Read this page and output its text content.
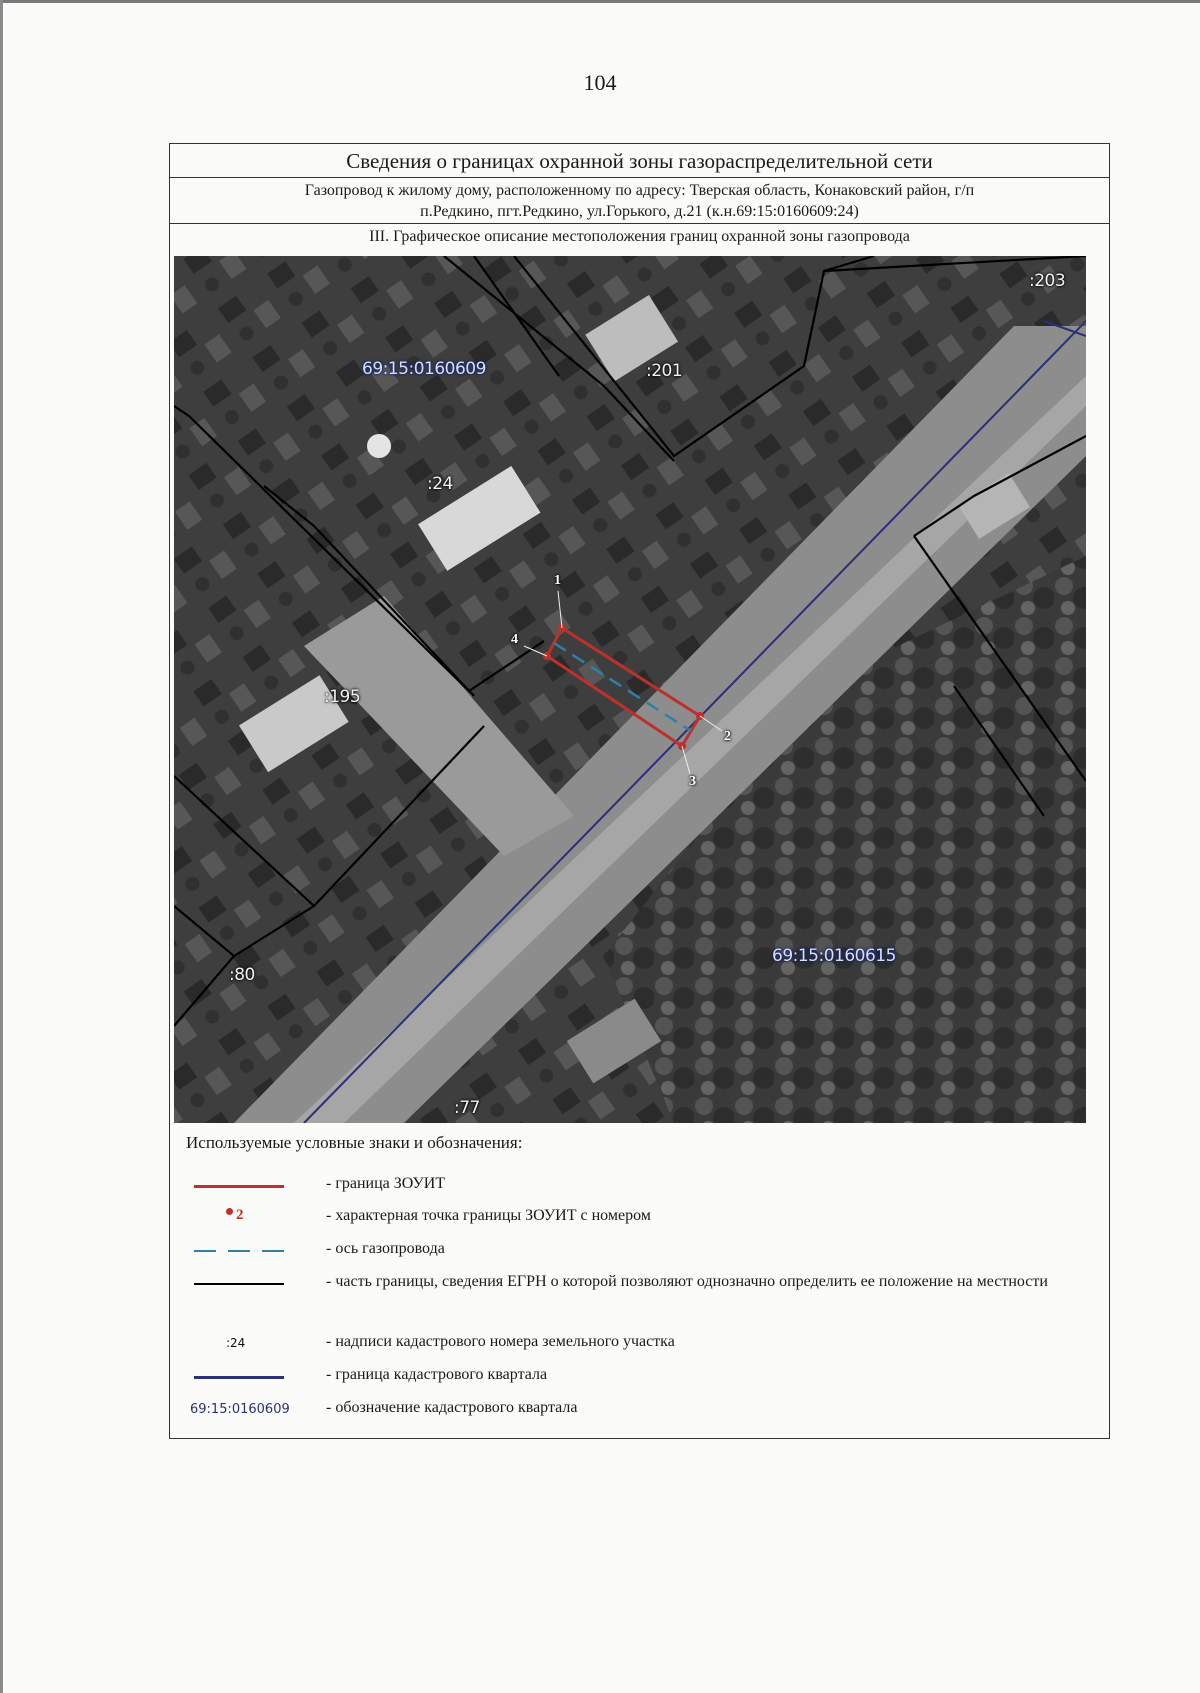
104
Сведения о границах охранной зоны газораспределительной сети
Газопровод к жилому дому, расположенному по адресу: Тверская область, Конаковский район, г/п
п.Редкино, пгт.Редкино, ул.Горького, д.21 (к.н.69:15:0160609:24)
III. Графическое описание местоположения границ охранной зоны газопровода
69:15:0160609
69:15:0160615
:201
:203
:24
:195
:80
:77
1
2
3
4
Используемые условные знаки и обозначения:
- граница ЗОУИТ
2	- характерная точка границы ЗОУИТ с номером
- ось газопровода
- часть границы, сведения ЕГРН о которой позволяют однозначно определить ее положение на местности
:24	- надписи кадастрового номера земельного участка
- граница кадастрового квартала
69:15:0160609 - обозначение кадастрового квартала
